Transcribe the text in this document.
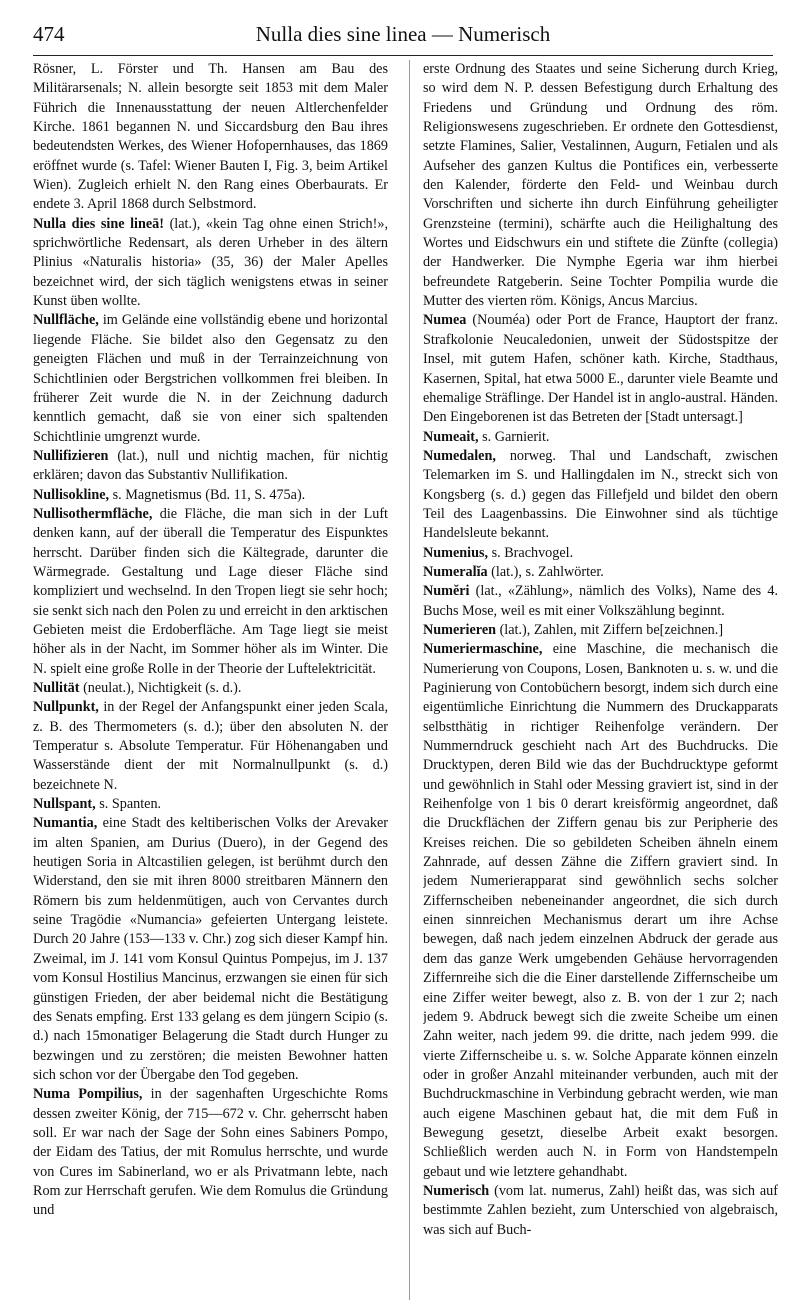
474	Nulla dies sine linea — Numerisch

Rösner, L. Förster und Th. Hansen am Bau des Militärarsenals; N. allein besorgte seit 1853 mit dem Maler Führich die Innenausstattung der neuen Altlerchenfelder Kirche. 1861 begannen N. und Siccardsburg den Bau ihres bedeutendsten Werkes, des Wiener Hofopernhauses, das 1869 eröffnet wurde (s. Tafel: Wiener Bauten I, Fig. 3, beim Artikel Wien). Zugleich erhielt N. den Rang eines Oberbaurats. Er endete 3. April 1868 durch Selbstmord.

Nulla dies sine lineā! (lat.), «kein Tag ohne einen Strich!», sprichwörtliche Redensart, als deren Urheber in des ältern Plinius «Naturalis historia» (35, 36) der Maler Apelles bezeichnet wird, der sich täglich wenigstens etwas in seiner Kunst üben wollte.

Nullfläche, im Gelände eine vollständig ebene und horizontal liegende Fläche. Sie bildet also den Gegensatz zu den geneigten Flächen und muß in der Terrainzeichnung von Schichtlinien oder Bergstrichen vollkommen frei bleiben. In früherer Zeit wurde die N. in der Zeichnung dadurch kenntlich gemacht, daß sie von einer sich spaltenden Schichtlinie umgrenzt wurde.

Nullifizieren (lat.), null und nichtig machen, für nichtig erklären; davon das Substantiv Nullifikation.

Nullisokline, s. Magnetismus (Bd. 11, S. 475a).

Nullisothermfläche, die Fläche, die man sich in der Luft denken kann, auf der überall die Temperatur des Eispunktes herrscht. Darüber finden sich die Kältegrade, darunter die Wärmegrade. Gestaltung und Lage dieser Fläche sind kompliziert und wechselnd. In den Tropen liegt sie sehr hoch; sie senkt sich nach den Polen zu und erreicht in den arktischen Gebieten meist die Erdoberfläche. Am Tage liegt sie meist höher als in der Nacht, im Sommer höher als im Winter. Die N. spielt eine große Rolle in der Theorie der Luftelektricität.

Nullität (neulat.), Nichtigkeit (s. d.).

Nullpunkt, in der Regel der Anfangspunkt einer jeden Scala, z. B. des Thermometers (s. d.); über den absoluten N. der Temperatur s. Absolute Temperatur. Für Höhenangaben und Wasserstände dient der mit Normalnullpunkt (s. d.) bezeichnete N.

Nullspant, s. Spanten.

Numantia, eine Stadt des keltiberischen Volks der Arevaker im alten Spanien, am Durius (Duero), in der Gegend des heutigen Soria in Altcastilien gelegen, ist berühmt durch den Widerstand, den sie mit ihren 8000 streitbaren Männern den Römern bis zum heldenmütigen, auch von Cervantes durch seine Tragödie «Numancia» gefeierten Untergang leistete. Durch 20 Jahre (153—133 v. Chr.) zog sich dieser Kampf hin. Zweimal, im J. 141 vom Konsul Quintus Pompejus, im J. 137 vom Konsul Hostilius Mancinus, erzwangen sie einen für sich günstigen Frieden, der aber beidemal nicht die Bestätigung des Senats empfing. Erst 133 gelang es dem jüngern Scipio (s. d.) nach 15monatiger Belagerung die Stadt durch Hunger zu bezwingen und zu zerstören; die meisten Bewohner hatten sich schon vor der Übergabe den Tod gegeben.

Numa Pompilius, in der sagenhaften Urgeschichte Roms dessen zweiter König, der 715—672 v. Chr. geherrscht haben soll. Er war nach der Sage der Sohn eines Sabiners Pompo, der Eidam des Tatius, der mit Romulus herrschte, und wurde von Cures im Sabinerland, wo er als Privatmann lebte, nach Rom zur Herrschaft gerufen. Wie dem Romulus die Gründung und

erste Ordnung des Staates und seine Sicherung durch Krieg, so wird dem N. P. dessen Befestigung durch Erhaltung des Friedens und Gründung und Ordnung des röm. Religionswesens zugeschrieben. Er ordnete den Gottesdienst, setzte Flamines, Salier, Vestalinnen, Augurn, Fetialen und als Aufseher des ganzen Kultus die Pontifices ein, verbesserte den Kalender, förderte den Feld- und Weinbau durch Vorschriften und sicherte ihn durch Einführung geheiligter Grenzsteine (termini), schärfte auch die Heilighaltung des Wortes und Eidschwurs ein und stiftete die Zünfte (collegia) der Handwerker. Die Nymphe Egeria war ihm hierbei befreundete Ratgeberin. Seine Tochter Pompilia wurde die Mutter des vierten röm. Königs, Ancus Marcius.

Numea (Nouméa) oder Port de France, Hauptort der franz. Strafkolonie Neucaledonien, unweit der Südostspitze der Insel, mit gutem Hafen, schöner kath. Kirche, Stadthaus, Kasernen, Spital, hat etwa 5000 E., darunter viele Beamte und ehemalige Sträflinge. Der Handel ist in anglo-austral. Händen. Den Eingeborenen ist das Betreten der [Stadt untersagt.]

Numeait, s. Garnierit.

Numedalen, norweg. Thal und Landschaft, zwischen Telemarken im S. und Hallingdalen im N., streckt sich von Kongsberg (s. d.) gegen das Fillefjeld und bildet den obern Teil des Laagenbassins. Die Einwohner sind als tüchtige Handelsleute bekannt.

Numenius, s. Brachvogel.

Numeralĭa (lat.), s. Zahlwörter.

Numĕri (lat., «Zählung», nämlich des Volks), Name des 4. Buchs Mose, weil es mit einer Volkszählung beginnt.

Numerieren (lat.), Zahlen, mit Ziffern be[zeichnen.]

Numeriermaschine, eine Maschine, die mechanisch die Numerierung von Coupons, Losen, Banknoten u. s. w. und die Paginierung von Contobüchern besorgt, indem sich durch eine eigentümliche Einrichtung die Nummern des Druckapparats selbstthätig in richtiger Reihenfolge verändern. Der Nummerndruck geschieht nach Art des Buchdrucks. Die Drucktypen, deren Bild wie das der Buchdrucktype geformt und gewöhnlich in Stahl oder Messing graviert ist, sind in der Reihenfolge von 1 bis 0 derart kreisförmig angeordnet, daß die Druckflächen der Ziffern genau bis zur Peripherie des Kreises reichen. Die so gebildeten Scheiben ähneln einem Zahnrade, auf dessen Zähne die Ziffern graviert sind. In jedem Numerierapparat sind gewöhnlich sechs solcher Ziffernscheiben nebeneinander angeordnet, die sich durch einen sinnreichen Mechanismus derart um ihre Achse bewegen, daß nach jedem einzelnen Abdruck der gerade aus dem das ganze Werk umgebenden Gehäuse hervorragenden Ziffernreihe sich die die Einer darstellende Ziffernscheibe um eine Ziffer weiter bewegt, also z. B. von der 1 zur 2; nach jedem 9. Abdruck bewegt sich die zweite Scheibe um einen Zahn weiter, nach jedem 99. die dritte, nach jedem 999. die vierte Ziffernscheibe u. s. w. Solche Apparate können einzeln oder in großer Anzahl miteinander verbunden, auch mit der Buchdruckmaschine in Verbindung gebracht werden, wie man auch eigene Maschinen gebaut hat, die mit dem Fuß in Bewegung gesetzt, dieselbe Arbeit exakt besorgen. Schließlich werden auch N. in Form von Handstempeln gebaut und wie letztere gehandhabt.

Numerisch (vom lat. numerus, Zahl) heißt das, was sich auf bestimmte Zahlen bezieht, zum Unterschied von algebraisch, was sich auf Buch-
